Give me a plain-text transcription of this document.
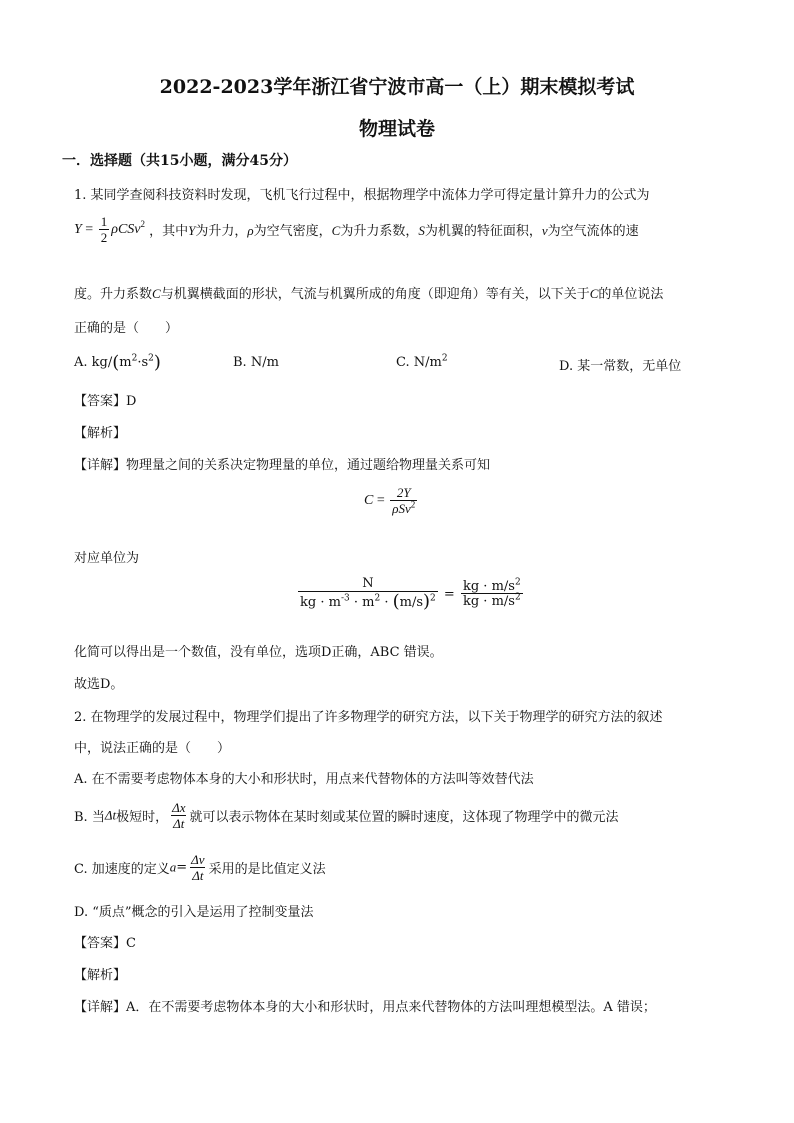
2022-2023学年浙江省宁波市高一（上）期末模拟考试
物理试卷
一．选择题（共15小题，满分45分）
1. 某同学查阅科技资料时发现，飞机飞行过程中，根据物理学中流体力学可得定量计算升力的公式为
$Y = \frac{1}{2} \rho CSv^2$ ，其中Y为升力，ρ为空气密度，C为升力系数，S为机翼的特征面积，v为空气流体的速
度。升力系数C与机翼横截面的形状，气流与机翼所成的角度（即迎角）等有关，以下关于C的单位说法
正确的是（　　）
A. $kg/(m^2\cdot s^2)$	B. N/m	C. $N/m^2$
D. 某一常数，无单位
【答案】D
【解析】
【详解】物理量之间的关系决定物理量的单位，通过题给物理量关系可知
$C = \frac{2Y}{\rho Sv^2}$
对应单位为
$\frac{N}{kg \cdot m^{-3} \cdot m^2 \cdot (m/s)^2} = \frac{kg \cdot m/s^2}{kg \cdot m/s^2}$
化简可以得出是一个数值，没有单位，选项D正确，ABC 错误。
故选D。
2. 在物理学的发展过程中，物理学们提出了许多物理学的研究方法，以下关于物理学的研究方法的叙述
中，说法正确的是（　　）
A. 在不需要考虑物体本身的大小和形状时，用点来代替物体的方法叫等效替代法
B. 当Δt极短时， $\frac{\Delta x}{\Delta t}$ 就可以表示物体在某时刻或某位置的瞬时速度，这体现了物理学中的微元法
C. 加速度的定义$a= \frac{\Delta v}{\Delta t}$ 采用的是比值定义法
D. “质点”概念的引入是运用了控制变量法
【答案】C
【解析】
【详解】A．在不需要考虑物体本身的大小和形状时，用点来代替物体的方法叫理想模型法。A 错误；
